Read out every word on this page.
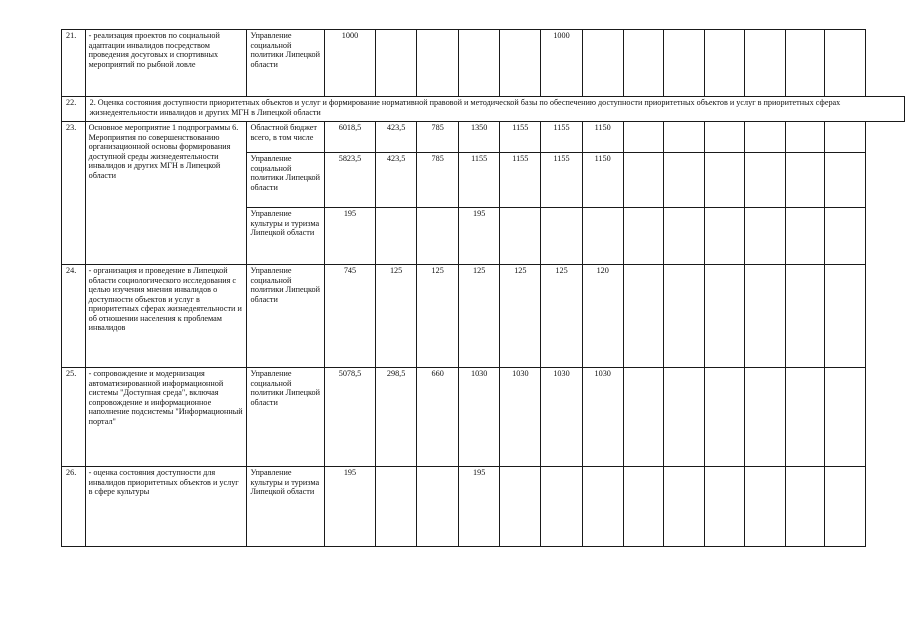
21.	- реализация проектов по социальной адаптации инвалидов посредством проведения досуговых и спортивных мероприятий по рыбной ловле	Управление социальной политики Липецкой области	1000					1000							
22.	2. Оценка состояния доступности приоритетных объектов и услуг и формирование нормативной правовой и методической базы по обеспечению доступности приоритетных объектов и услуг в приоритетных сферах жизнедеятельности инвалидов и других МГН в Липецкой области														
23.	Основное мероприятие 1 подпрограммы 6. Мероприятия по совершенствованию организационной основы формирования доступной среды жизнедеятельности инвалидов и других МГН в Липецкой области	Областной бюджет всего, в том числе	6018,5	423,5	785	1350	1155	1155	1150						
		Управление социальной политики Липецкой области	5823,5	423,5	785	1155	1155	1155	1150						
		Управление культуры и туризма Липецкой области	195			195									
24.	- организация и проведение в Липецкой области социологического исследования с целью изучения мнения инвалидов о доступности объектов и услуг в приоритетных сферах жизнедеятельности и об отношении населения к проблемам инвалидов	Управление социальной политики Липецкой области	745	125	125	125	125	125	120						
25.	- сопровождение и модернизация автоматизированной информационной системы "Доступная среда", включая сопровождение и информационное наполнение подсистемы "Информационный портал"	Управление социальной политики Липецкой области	5078,5	298,5	660	1030	1030	1030	1030						
26.	- оценка состояния доступности для инвалидов приоритетных объектов и услуг в сфере культуры	Управление культуры и туризма Липецкой области	195			195									
